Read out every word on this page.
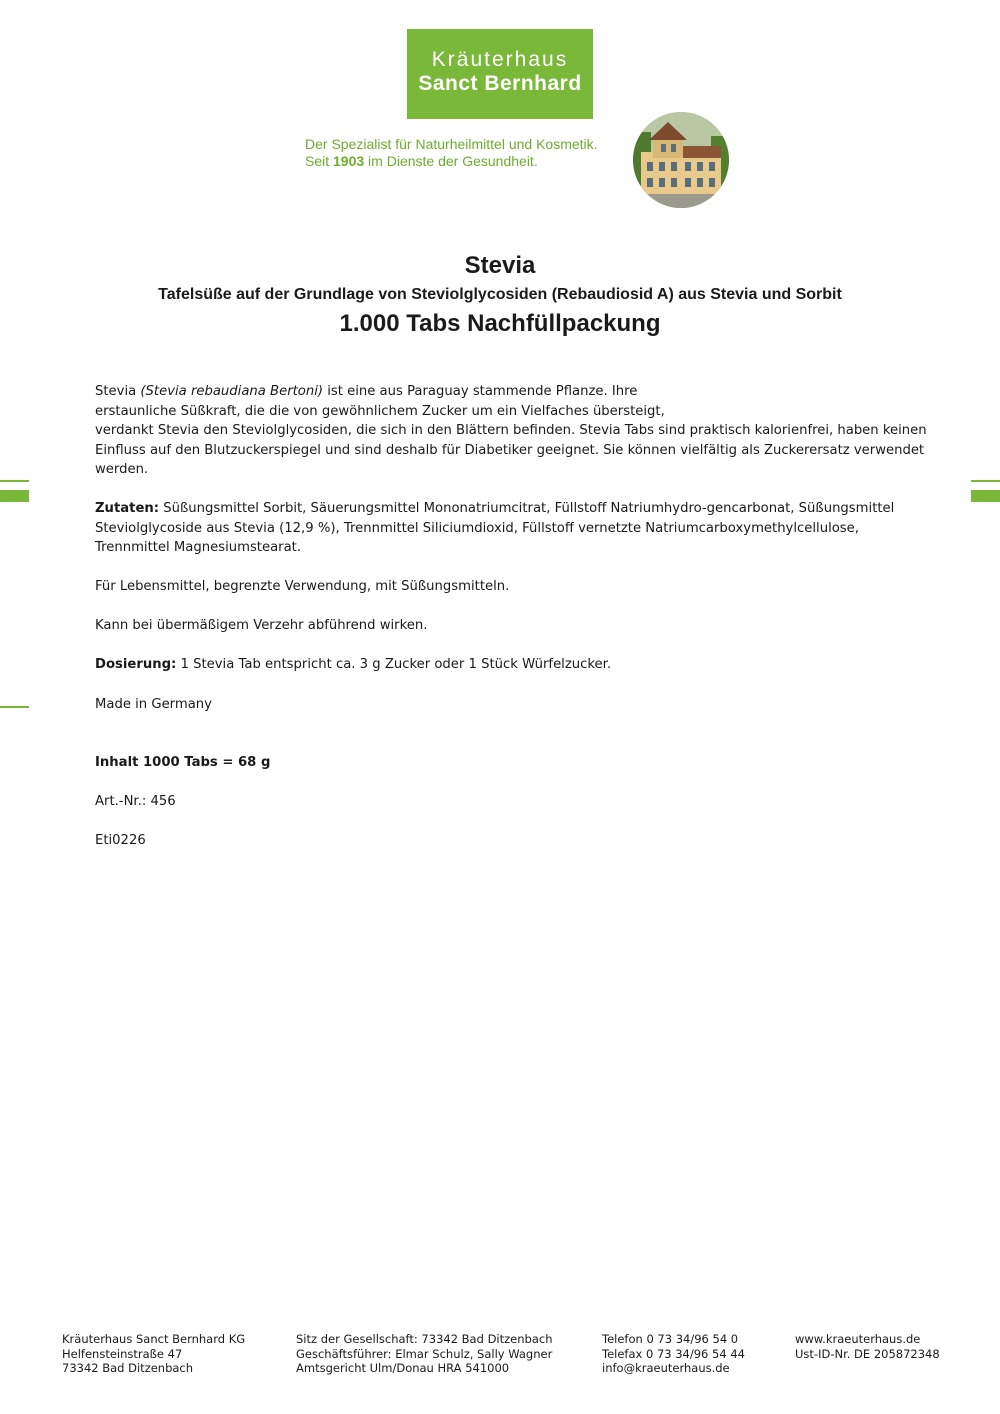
Kräuterhaus
Sanct Bernhard
Der Spezialist für Naturheilmittel und Kosmetik.
Seit 1903 im Dienste der Gesundheit.
Stevia
Tafelsüße auf der Grundlage von Steviolglycosiden (Rebaudiosid A) aus Stevia und Sorbit
1.000 Tabs Nachfüllpackung
Stevia (Stevia rebaudiana Bertoni) ist eine aus Paraguay stammende Pflanze. Ihre
erstaunliche Süßkraft, die die von gewöhnlichem Zucker um ein Vielfaches übersteigt,
verdankt Stevia den Steviolglycosiden, die sich in den Blättern befinden. Stevia Tabs sind praktisch kalorienfrei, haben keinen
Einfluss auf den Blutzuckerspiegel und sind deshalb für Diabetiker geeignet. Sie können vielfältig als Zuckerersatz verwendet
werden.
Zutaten: Süßungsmittel Sorbit, Säuerungsmittel Mononatriumcitrat, Füllstoff Natriumhydro-gencarbonat, Süßungsmittel
Steviolglycoside aus Stevia (12,9 %), Trennmittel Siliciumdioxid, Füllstoff vernetzte Natriumcarboxymethylcellulose,
Trennmittel Magnesiumstearat.
Für Lebensmittel, begrenzte Verwendung, mit Süßungsmitteln.
Kann bei übermäßigem Verzehr abführend wirken.
Dosierung: 1 Stevia Tab entspricht ca. 3 g Zucker oder 1 Stück Würfelzucker.
Made in Germany
Inhalt 1000 Tabs = 68 g
Art.-Nr.: 456
Eti0226
Kräuterhaus Sanct Bernhard KG
Helfensteinstraße 47
73342 Bad Ditzenbach
Sitz der Gesellschaft: 73342 Bad Ditzenbach
Geschäftsführer: Elmar Schulz, Sally Wagner
Amtsgericht Ulm/Donau HRA 541000
Telefon 0 73 34/96 54 0
Telefax 0 73 34/96 54 44
info@kraeuterhaus.de
www.kraeuterhaus.de
Ust-ID-Nr. DE 205872348
